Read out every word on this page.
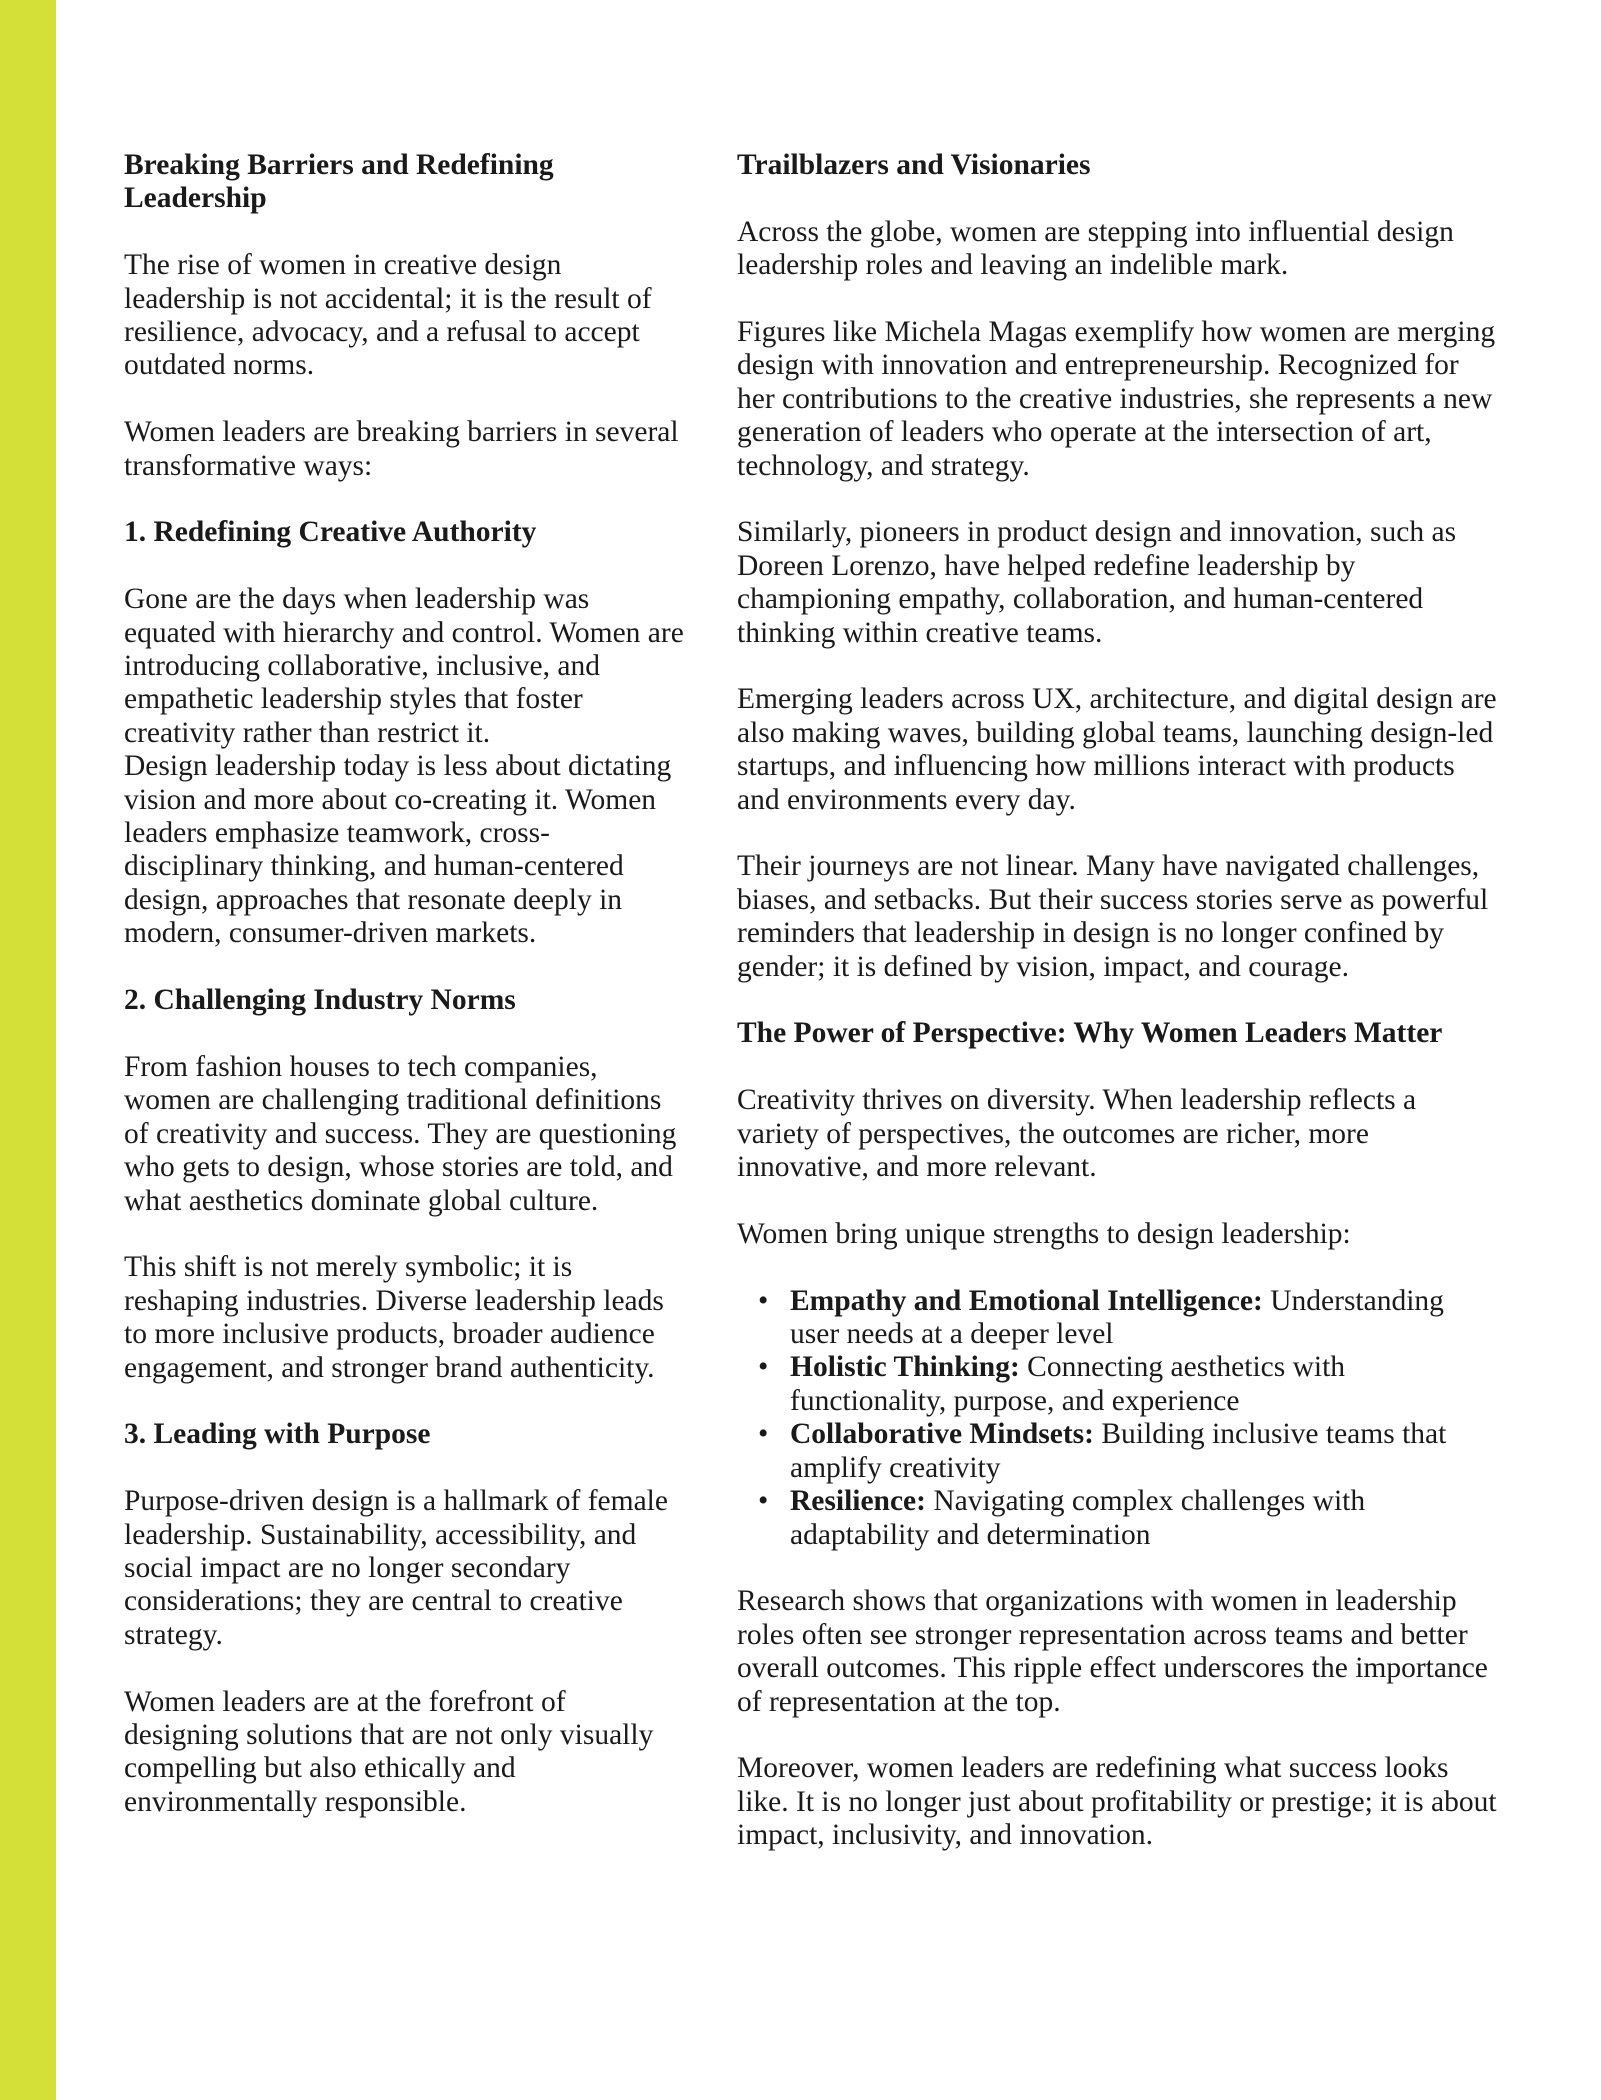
Breaking Barriers and Redefining Leadership

The rise of women in creative design leadership is not accidental; it is the result of resilience, advocacy, and a refusal to accept outdated norms.

Women leaders are breaking barriers in several transformative ways:

1. Redefining Creative Authority

Gone are the days when leadership was equated with hierarchy and control. Women are introducing collaborative, inclusive, and empathetic leadership styles that foster creativity rather than restrict it.

Design leadership today is less about dictating vision and more about co-creating it. Women leaders emphasize teamwork, cross-disciplinary thinking, and human-centered design, approaches that resonate deeply in modern, consumer-driven markets.

2. Challenging Industry Norms

From fashion houses to tech companies, women are challenging traditional definitions of creativity and success. They are questioning who gets to design, whose stories are told, and what aesthetics dominate global culture.

This shift is not merely symbolic; it is reshaping industries. Diverse leadership leads to more inclusive products, broader audience engagement, and stronger brand authenticity.

3. Leading with Purpose

Purpose-driven design is a hallmark of female leadership. Sustainability, accessibility, and social impact are no longer secondary considerations; they are central to creative strategy.

Women leaders are at the forefront of designing solutions that are not only visually compelling but also ethically and environmentally responsible.

Trailblazers and Visionaries

Across the globe, women are stepping into influential design leadership roles and leaving an indelible mark.

Figures like Michela Magas exemplify how women are merging design with innovation and entrepreneurship. Recognized for her contributions to the creative industries, she represents a new generation of leaders who operate at the intersection of art, technology, and strategy.

Similarly, pioneers in product design and innovation, such as Doreen Lorenzo, have helped redefine leadership by championing empathy, collaboration, and human-centered thinking within creative teams.

Emerging leaders across UX, architecture, and digital design are also making waves, building global teams, launching design-led startups, and influencing how millions interact with products and environments every day.

Their journeys are not linear. Many have navigated challenges, biases, and setbacks. But their success stories serve as powerful reminders that leadership in design is no longer confined by gender; it is defined by vision, impact, and courage.

The Power of Perspective: Why Women Leaders Matter

Creativity thrives on diversity. When leadership reflects a variety of perspectives, the outcomes are richer, more innovative, and more relevant.

Women bring unique strengths to design leadership:

• Empathy and Emotional Intelligence: Understanding user needs at a deeper level
• Holistic Thinking: Connecting aesthetics with functionality, purpose, and experience
• Collaborative Mindsets: Building inclusive teams that amplify creativity
• Resilience: Navigating complex challenges with adaptability and determination

Research shows that organizations with women in leadership roles often see stronger representation across teams and better overall outcomes. This ripple effect underscores the importance of representation at the top.

Moreover, women leaders are redefining what success looks like. It is no longer just about profitability or prestige; it is about impact, inclusivity, and innovation.
